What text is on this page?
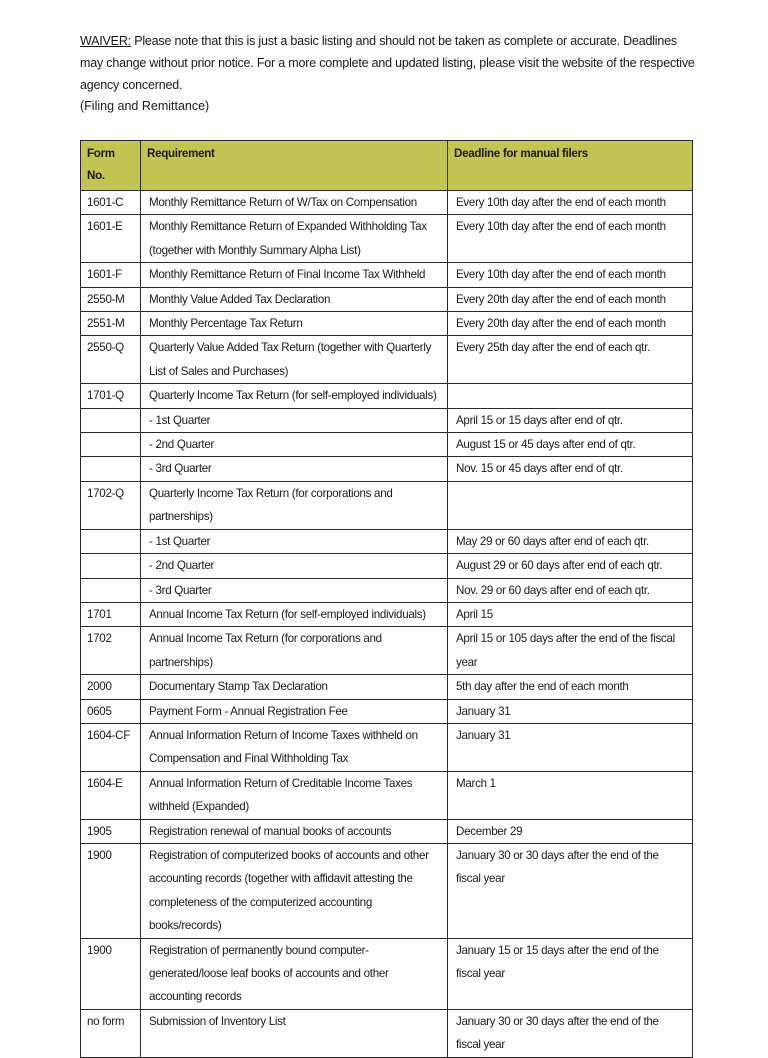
WAIVER: Please note that this is just a basic listing and should not be taken as complete or accurate. Deadlines may change without prior notice. For a more complete and updated listing, please visit the website of the respective agency concerned.
(Filing and Remittance)
Form No.	Requirement	Deadline for manual filers
1601-C	Monthly Remittance Return of W/Tax on Compensation	Every 10th day after the end of each month
1601-E	Monthly Remittance Return of Expanded Withholding Tax (together with Monthly Summary Alpha List)	Every 10th day after the end of each month
1601-F	Monthly Remittance Return of Final Income Tax Withheld	Every 10th day after the end of each month
2550-M	Monthly Value Added Tax Declaration	Every 20th day after the end of each month
2551-M	Monthly Percentage Tax Return	Every 20th day after the end of each month
2550-Q	Quarterly Value Added Tax Return (together with Quarterly List of Sales and Purchases)	Every 25th day after the end of each qtr.
1701-Q	Quarterly Income Tax Return (for self-employed individuals)	
	- 1st Quarter	April 15 or 15 days after end of qtr.
	- 2nd Quarter	August 15 or 45 days after end of qtr.
	- 3rd Quarter	Nov. 15 or 45 days after end of qtr.
1702-Q	Quarterly Income Tax Return (for corporations and partnerships)	
	- 1st Quarter	May 29 or 60 days after end of each qtr.
	- 2nd Quarter	August 29 or 60 days after end of each qtr.
	- 3rd Quarter	Nov. 29 or 60 days after end of each qtr.
1701	Annual Income Tax Return (for self-employed individuals)	April 15
1702	Annual Income Tax Return (for corporations and partnerships)	April 15 or 105 days after the end of the fiscal year
2000	Documentary Stamp Tax Declaration	5th day after the end of each month
0605	Payment Form - Annual Registration Fee	January 31
1604-CF	Annual Information Return of Income Taxes withheld on Compensation and Final Withholding Tax	January 31
1604-E	Annual Information Return of Creditable Income Taxes withheld (Expanded)	March 1
1905	Registration renewal of manual books of accounts	December 29
1900	Registration of computerized books of accounts and other accounting records (together with affidavit attesting the completeness of the computerized accounting books/records)	January 30 or 30 days after the end of the fiscal year
1900	Registration of permanently bound computer-generated/loose leaf books of accounts and other accounting records	January 15 or 15 days after the end of the fiscal year
no form	Submission of Inventory List	January 30 or 30 days after the end of the fiscal year
